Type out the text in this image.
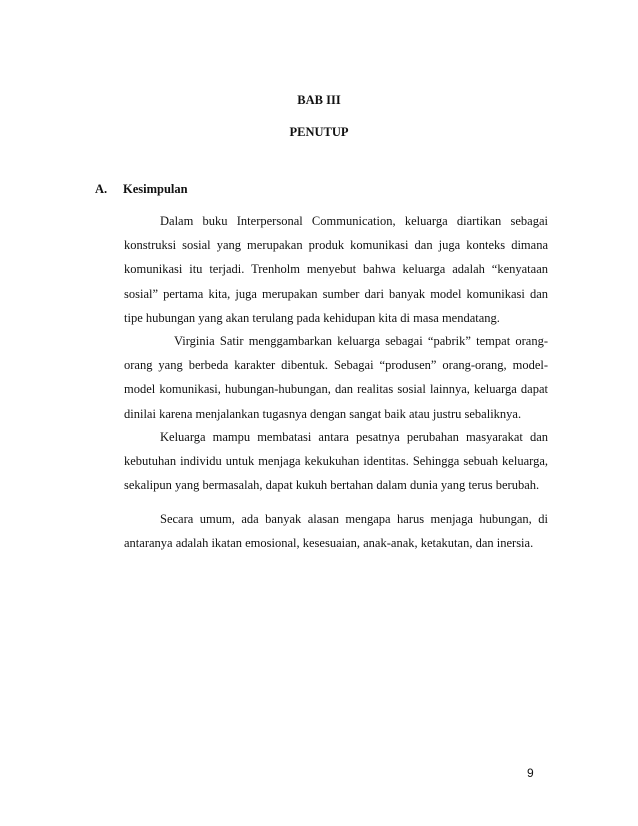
BAB III
PENUTUP
A. Kesimpulan

Dalam buku Interpersonal Communication, keluarga diartikan sebagai
konstruksi sosial yang merupakan produk komunikasi dan juga konteks dimana
komunikasi itu terjadi. Trenholm menyebut bahwa keluarga adalah “kenyataan
sosial” pertama kita, juga merupakan sumber dari banyak model komunikasi dan
tipe hubungan yang akan terulang pada kehidupan kita di masa mendatang.

Virginia Satir menggambarkan keluarga sebagai “pabrik” tempat orang-
orang yang berbeda karakter dibentuk. Sebagai “produsen” orang-orang, model-
model komunikasi, hubungan-hubungan, dan realitas sosial lainnya, keluarga dapat
dinilai karena menjalankan tugasnya dengan sangat baik atau justru sebaliknya.

Keluarga mampu membatasi antara pesatnya perubahan masyarakat dan
kebutuhan individu untuk menjaga kekukuhan identitas. Sehingga sebuah keluarga,
sekalipun yang bermasalah, dapat kukuh bertahan dalam dunia yang terus berubah.

Secara umum, ada banyak alasan mengapa harus menjaga hubungan, di
antaranya adalah ikatan emosional, kesesuaian, anak-anak, ketakutan, dan inersia.

9
